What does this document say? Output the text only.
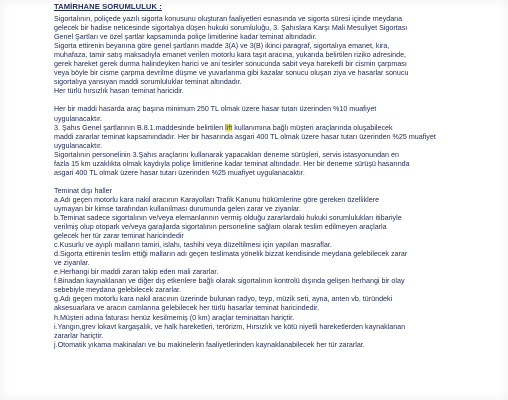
TAMİRHANE SORUMLULUK :
Sigortalının, poliçede yazılı sigorta konusunu oluşturan faaliyetleri esnasında ve sigorta süresi içinde meydana
gelecek bir hadise neticesinde sigortalıya düşen hukuki sorumluluğu, 3. Şahıslara Karşı Mali Mesuliyet Sigortası
Genel Şartları ve özel şartlar kapsamında poliçe limitlerine kadar teminat altındadır.
Sigorta ettirenin beyanına göre genel şartların madde 3(A) ve 3(B) ikinci paragraf, sigortalıya emanet, kira,
muhafaza, tamir satış maksadıyla emanet verilen motorlu kara taşıt aracına, yukarıda belirtilen riziko adresinde,
gerek hareket gerek durma halindeyken harici ve ani tesirler sonucunda sabit veya hareketli bir cismin çarpması
veya böyle bir cisme çarpma devrilme düşme ve yuvarlanma gibi kazalar sonucu oluşan ziya ve hasarlar sonucu
sigortalıya yansıyan maddi sorumluluklar teminat altındadır.
Her türlü hırsızlık hasarı teminat haricidir.
Her bir maddi hasarda araç başına minimum 250 TL olmak üzere hasar tutarı üzerinden %10 muafiyet
uygulanacaktır.
3. Şahıs Genel şartlarının B.8.1.maddesinde belirtilen lift kullanımına bağlı müşteri araçlarında oluşabilecek
maddi zararlar teminat kapsamındadır. Her bir hasarında asgari 400 TL olmak üzere hasar tutarı üzerinden %25 muafiyet
uygulanacaktır.
Sigortalının personelinin 3.Şahıs araçlarını kullanarak yapacakları deneme sürüşleri, servis istasyonundan en
fazla 15 km uzaklıkta olmak kaydıyla poliçe limitlerine kadar teminat altındadır. Her bir deneme sürüşü hasarında
asgari 400 TL olmak üzere hasar tutarı üzerinden %25 muafiyet uygulanacaktır.
Teminat dışı haller
a.Adı geçen motorlu kara nakil aracının Karayolları Trafik Kanunu hükümlerine göre gereken özelliklere
uymayan bir kimse tarafından kullanılması durumunda gelen zarar ve ziyanlar.
b.Teminat sadece sigortalının ve/veya elemanlarının vermiş olduğu zararlardaki hukuki sorumlulukları itibariyle
verilmiş olup otopark ve/veya garajlarda sigortalının personeline sağlam olarak teslim edilmeyen araçlarla
gelecek her tür zarar teminat haricindedir
c.Kusurlu ve ayıplı malların tamiri, islahı, tashihi veya düzeltilmesi için yapılan masraflar.
d.Sigorta ettirenin teslim ettiği malların adı geçen teslimata yönelik bizzat kendisinde meydana gelebilecek zarar
ve ziyanlar.
e.Herhangi bir maddi zararı takip eden mali zararlar.
f.Binadan kaynaklanan ve diğer dış etkenlere bağlı olarak sigortalının kontrolü dışında gelişen herhangi bir olay
sebebiyle meydana gelebilecek zararlar.
g.Adı geçen motorlu kara nakil aracının üzerinde bulunan radyo, teyp, müzik seti, ayna, anten vb. türündeki
aksesuarlara ve aracın camlarına gelebilecek her türlü hasarlar teminat haricindedir.
h.Müşteri adına faturası henüz kesilmemiş (0 km) araçlar teminattan hariçtir.
i.Yangın,grev lokavt kargaşalık, ve halk hareketleri, terörizm, Hırsızlık ve kötü niyetli hareketlerden kaynaklanan
zararlar hariçtir.
j.Otomatik yıkama makinaları ve bu makinelerin faaliyetlerinden kaynaklanabilecek her tür zararlar.
